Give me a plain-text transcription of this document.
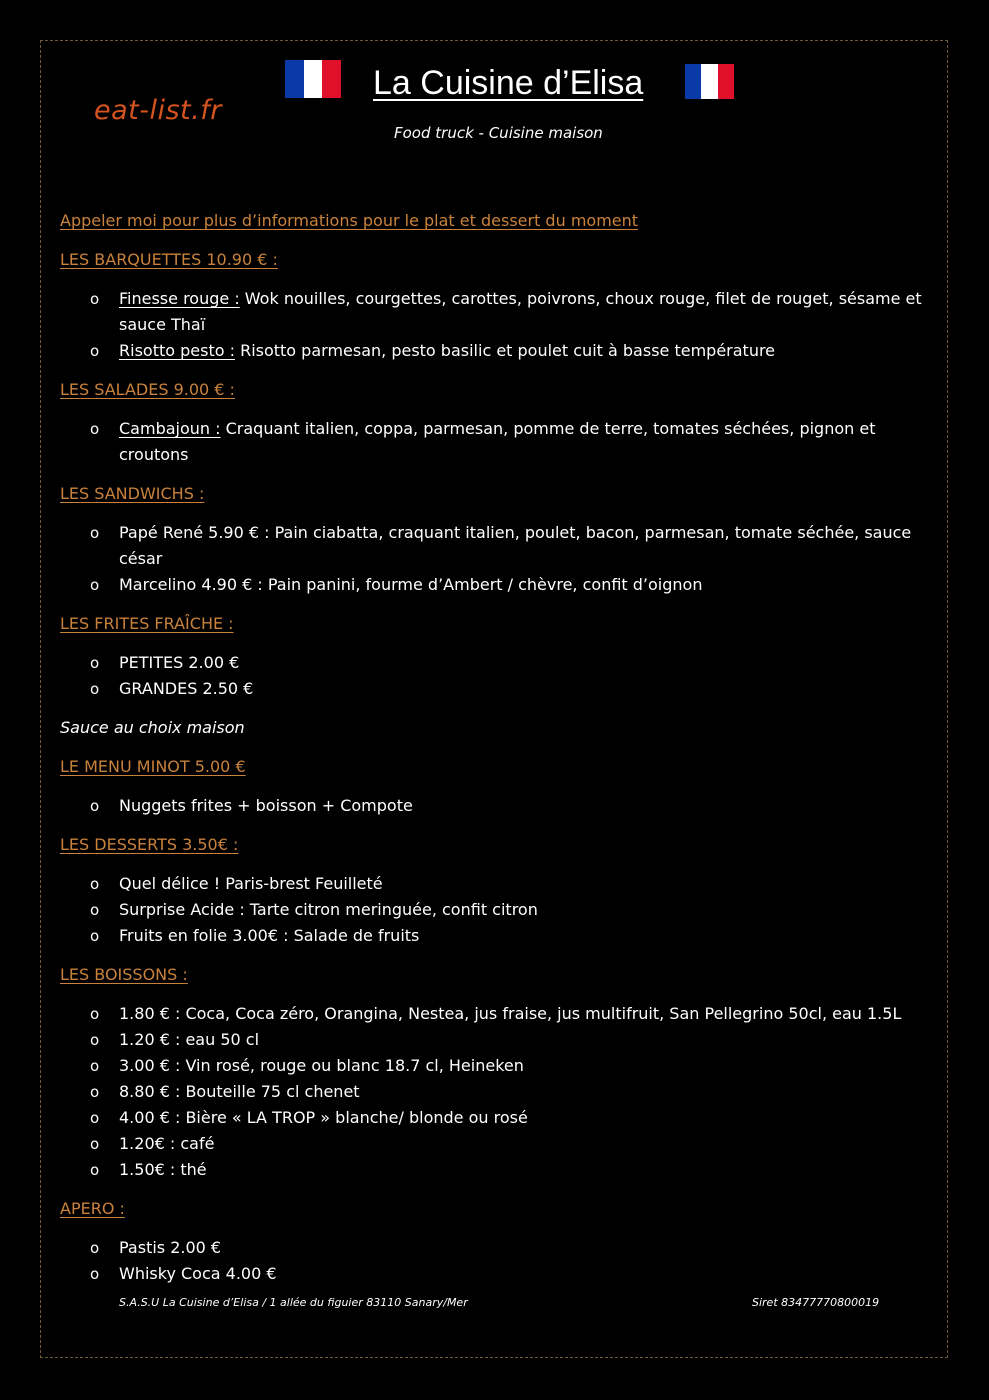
eat-list.fr
La Cuisine d’Elisa
Food truck - Cuisine maison
Appeler moi pour plus d’informations pour le plat et dessert du moment
LES BARQUETTES 10.90 € :
o Finesse rouge : Wok nouilles, courgettes, carottes, poivrons, choux rouge, filet de rouget, sésame et sauce Thaï
o Risotto pesto : Risotto parmesan, pesto basilic et poulet cuit à basse température
LES SALADES 9.00 € :
o Cambajoun : Craquant italien, coppa, parmesan, pomme de terre, tomates séchées, pignon et croutons
LES SANDWICHS :
o Papé René 5.90 € : Pain ciabatta, craquant italien, poulet, bacon, parmesan, tomate séchée, sauce césar
o Marcelino 4.90 € : Pain panini, fourme d’Ambert / chèvre, confit d’oignon
LES FRITES FRAÎCHE :
o PETITES 2.00 €
o GRANDES 2.50 €
Sauce au choix maison
LE MENU MINOT 5.00 €
o Nuggets frites + boisson + Compote
LES DESSERTS 3.50€ :
o Quel délice ! Paris-brest Feuilleté
o Surprise Acide : Tarte citron meringuée, confit citron
o Fruits en folie 3.00€ : Salade de fruits
LES BOISSONS :
o 1.80 € : Coca, Coca zéro, Orangina, Nestea, jus fraise, jus multifruit, San Pellegrino 50cl, eau 1.5L
o 1.20 € : eau 50 cl
o 3.00 € : Vin rosé, rouge ou blanc 18.7 cl, Heineken
o 8.80 € : Bouteille 75 cl chenet
o 4.00 € : Bière « LA TROP » blanche/ blonde ou rosé
o 1.20€ : café
o 1.50€ : thé
APERO :
o Pastis 2.00 €
o Whisky Coca 4.00 €
S.A.S.U La Cuisine d’Elisa / 1 allée du figuier 83110 Sanary/Mer	Siret 83477770800019
